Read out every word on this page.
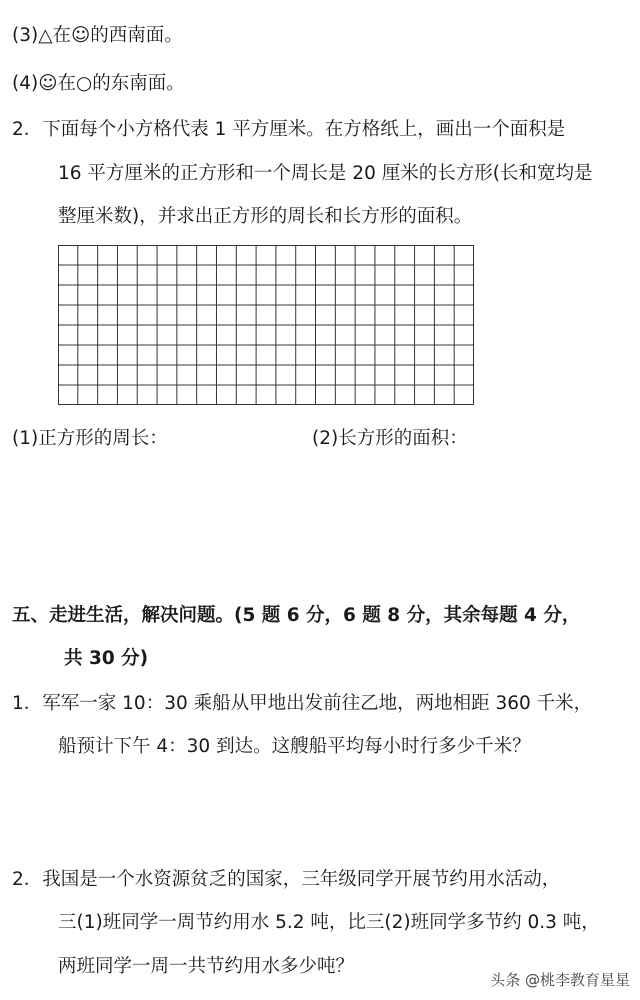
(3)△在☺的西南面。
(4)☺在○的东南面。
2．下面每个小方格代表 1 平方厘米。在方格纸上，画出一个面积是
16 平方厘米的正方形和一个周长是 20 厘米的长方形(长和宽均是
整厘米数)，并求出正方形的周长和长方形的面积。
(1)正方形的周长：	(2)长方形的面积：
五、走进生活，解决问题。(5 题 6 分，6 题 8 分，其余每题 4 分，
共 30 分)
1．军军一家 10：30 乘船从甲地出发前往乙地，两地相距 360 千米，
船预计下午 4：30 到达。这艘船平均每小时行多少千米？
2．我国是一个水资源贫乏的国家，三年级同学开展节约用水活动，
三(1)班同学一周节约用水 5.2 吨，比三(2)班同学多节约 0.3 吨，
两班同学一周一共节约用水多少吨？
头条 @桃李教育星星
